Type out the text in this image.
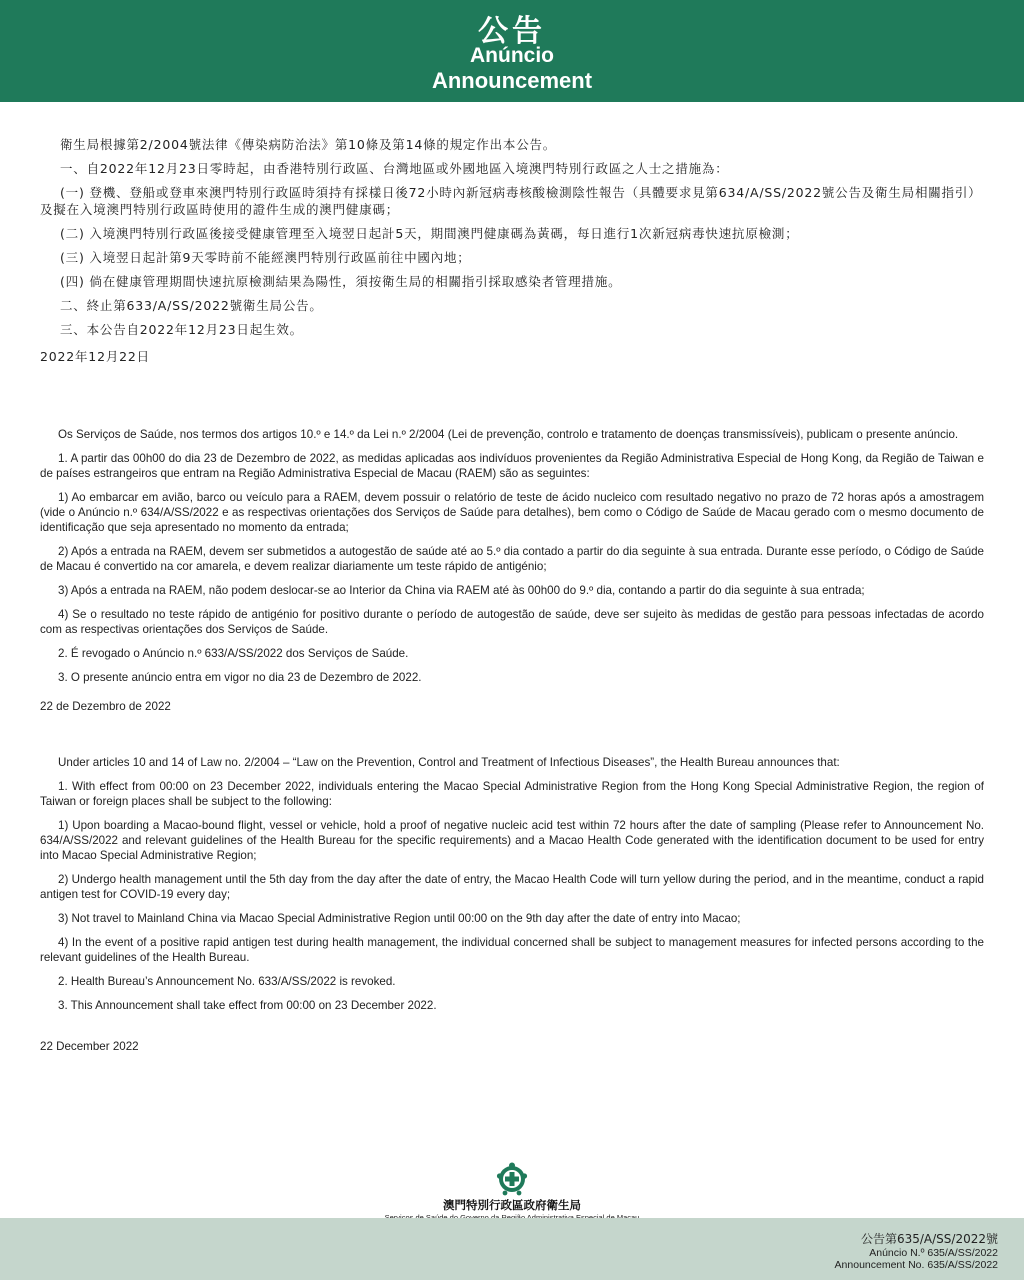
公告
Anúncio
Announcement

衛生局根據第2/2004號法律《傳染病防治法》第10條及第14條的規定作出本公告。

一、自2022年12月23日零時起，由香港特別行政區、台灣地區或外國地區入境澳門特別行政區之人士之措施為：

(一) 登機、登船或登車來澳門特別行政區時須持有採樣日後72小時內新冠病毒核酸檢測陰性報告（具體要求見第634/A/SS/2022號公告及衛生局相關指引）及擬在入境澳門特別行政區時使用的證件生成的澳門健康碼；

(二) 入境澳門特別行政區後接受健康管理至入境翌日起計5天，期間澳門健康碼為黃碼，每日進行1次新冠病毒快速抗原檢測；

(三) 入境翌日起計第9天零時前不能經澳門特別行政區前往中國內地；

(四) 倘在健康管理期間快速抗原檢測結果為陽性，須按衛生局的相關指引採取感染者管理措施。

二、終止第633/A/SS/2022號衛生局公告。

三、本公告自2022年12月23日起生效。

2022年12月22日

Os Serviços de Saúde, nos termos dos artigos 10.º e 14.º da Lei n.º 2/2004 (Lei de prevenção, controlo e tratamento de doenças transmissíveis), publicam o presente anúncio.

1. A partir das 00h00 do dia 23 de Dezembro de 2022, as medidas aplicadas aos indivíduos provenientes da Região Administrativa Especial de Hong Kong, da Região de Taiwan e de países estrangeiros que entram na Região Administrativa Especial de Macau (RAEM) são as seguintes:

1) Ao embarcar em avião, barco ou veículo para a RAEM, devem possuir o relatório de teste de ácido nucleico com resultado negativo no prazo de 72 horas após a amostragem (vide o Anúncio n.º 634/A/SS/2022 e as respectivas orientações dos Serviços de Saúde para detalhes), bem como o Código de Saúde de Macau gerado com o mesmo documento de identificação que seja apresentado no momento da entrada;

2) Após a entrada na RAEM, devem ser submetidos a autogestão de saúde até ao 5.º dia contado a partir do dia seguinte à sua entrada. Durante esse período, o Código de Saúde de Macau é convertido na cor amarela, e devem realizar diariamente um teste rápido de antigénio;

3) Após a entrada na RAEM, não podem deslocar-se ao Interior da China via RAEM até às 00h00 do 9.º dia, contando a partir do dia seguinte à sua entrada;

4) Se o resultado no teste rápido de antigénio for positivo durante o período de autogestão de saúde, deve ser sujeito às medidas de gestão para pessoas infectadas de acordo com as respectivas orientações dos Serviços de Saúde.

2. É revogado o Anúncio n.º 633/A/SS/2022 dos Serviços de Saúde.

3. O presente anúncio entra em vigor no dia 23 de Dezembro de 2022.

22 de Dezembro de 2022

Under articles 10 and 14 of Law no. 2/2004 – “Law on the Prevention, Control and Treatment of Infectious Diseases”, the Health Bureau announces that:

1. With effect from 00:00 on 23 December 2022, individuals entering the Macao Special Administrative Region from the Hong Kong Special Administrative Region, the region of Taiwan or foreign places shall be subject to the following:

1) Upon boarding a Macao-bound flight, vessel or vehicle, hold a proof of negative nucleic acid test within 72 hours after the date of sampling (Please refer to Announcement No. 634/A/SS/2022 and relevant guidelines of the Health Bureau for the specific requirements) and a Macao Health Code generated with the identification document to be used for entry into Macao Special Administrative Region;

2) Undergo health management until the 5th day from the day after the date of entry, the Macao Health Code will turn yellow during the period, and in the meantime, conduct a rapid antigen test for COVID-19 every day;

3) Not travel to Mainland China via Macao Special Administrative Region until 00:00 on the 9th day after the date of entry into Macao;

4) In the event of a positive rapid antigen test during health management, the individual concerned shall be subject to management measures for infected persons according to the relevant guidelines of the Health Bureau.

2. Health Bureau’s Announcement No. 633/A/SS/2022 is revoked.

3. This Announcement shall take effect from 00:00 on 23 December 2022.

22 December 2022

澳門特別行政區政府衛生局
公告第635/A/SS/2022號
Anúncio N.º 635/A/SS/2022
Announcement No. 635/A/SS/2022
